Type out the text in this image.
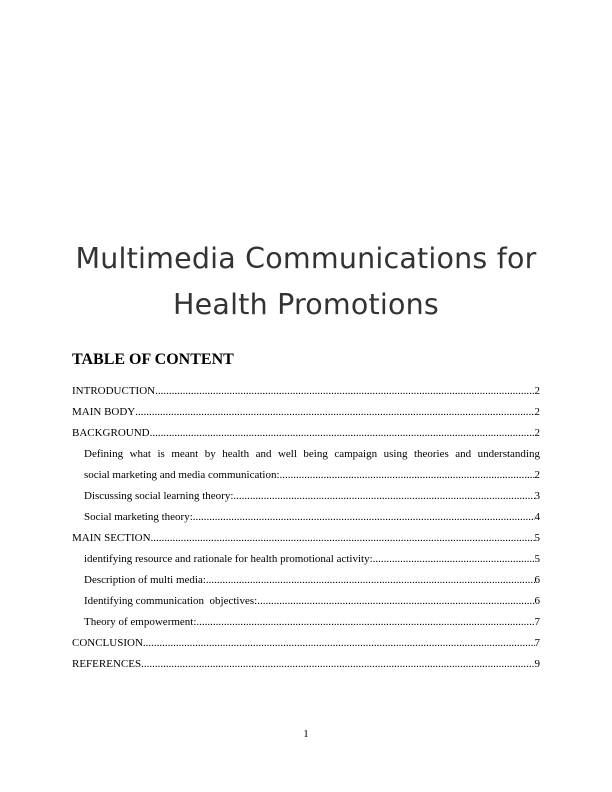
Multimedia Communications for
Health Promotions
TABLE OF CONTENT
INTRODUCTION .....	2
MAIN BODY .....	2
BACKGROUND .....	2
Defining what is meant by health and well being campaign using theories and understanding
social marketing and media communication: .....	2
Discussing social learning theory: .....	3
Social marketing theory: .....	4
MAIN SECTION .....	5
identifying resource and rationale for health promotional activity: .....	5
Description of multi media: .....	6
Identifying communication  objectives: .....	6
Theory of empowerment: .....	7
CONCLUSION .....	7
REFERENCES .....	9
1
